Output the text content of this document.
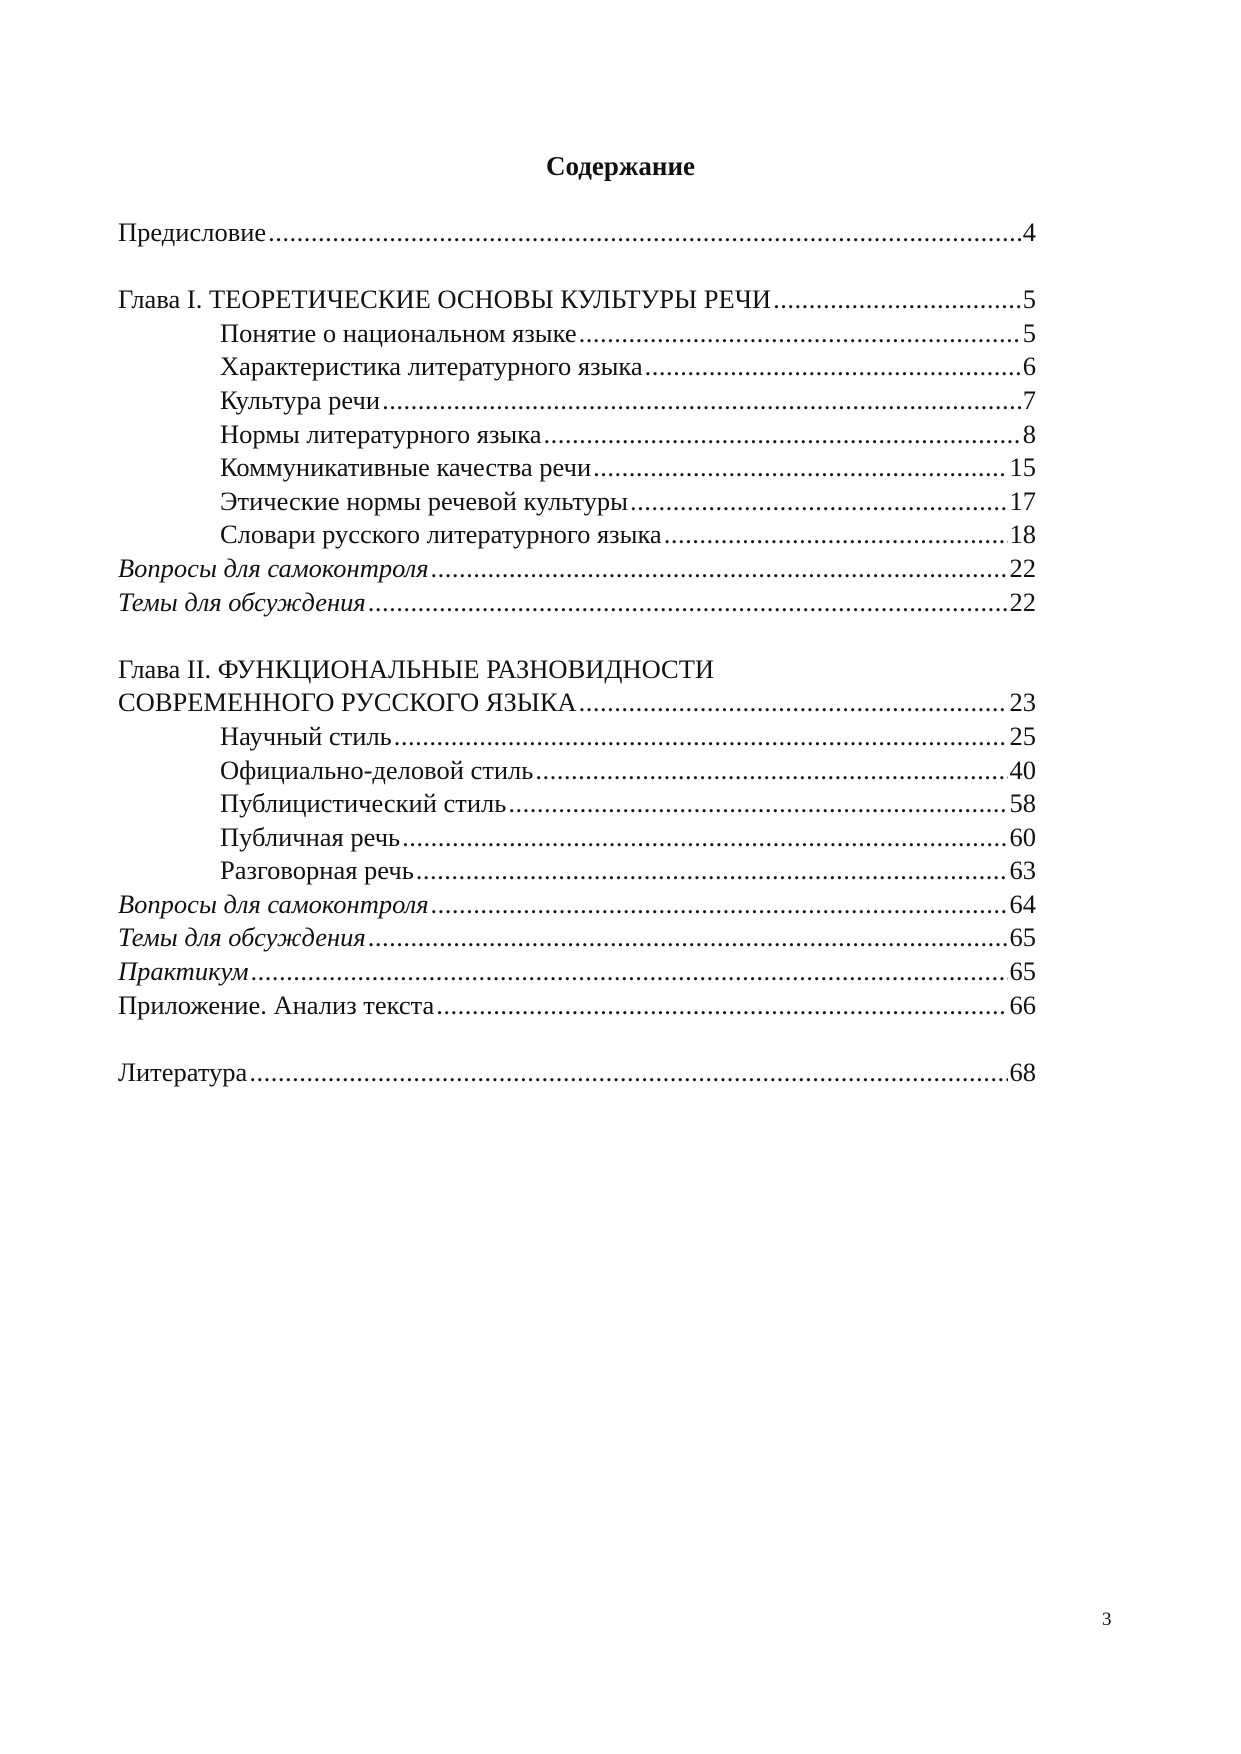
Содержание
Предисловие .....	4
Глава I. ТЕОРЕТИЧЕСКИЕ ОСНОВЫ КУЛЬТУРЫ РЕЧИ .....	5
Понятие о национальном языке .....	5
Характеристика литературного языка .....	6
Культура речи .....	7
Нормы литературного языка .....	8
Коммуникативные качества речи .....	15
Этические нормы речевой культуры .....	17
Словари русского литературного языка .....	18
Вопросы для самоконтроля .....	22
Темы для обсуждения .....	22
Глава II. ФУНКЦИОНАЛЬНЫЕ РАЗНОВИДНОСТИ
СОВРЕМЕННОГО РУССКОГО ЯЗЫКА .....	23
Научный стиль .....	25
Официально-деловой стиль .....	40
Публицистический стиль .....	58
Публичная речь .....	60
Разговорная речь .....	63
Вопросы для самоконтроля .....	64
Темы для обсуждения .....	65
Практикум .....	65
Приложение. Анализ текста .....	66
Литература .....	68
3
